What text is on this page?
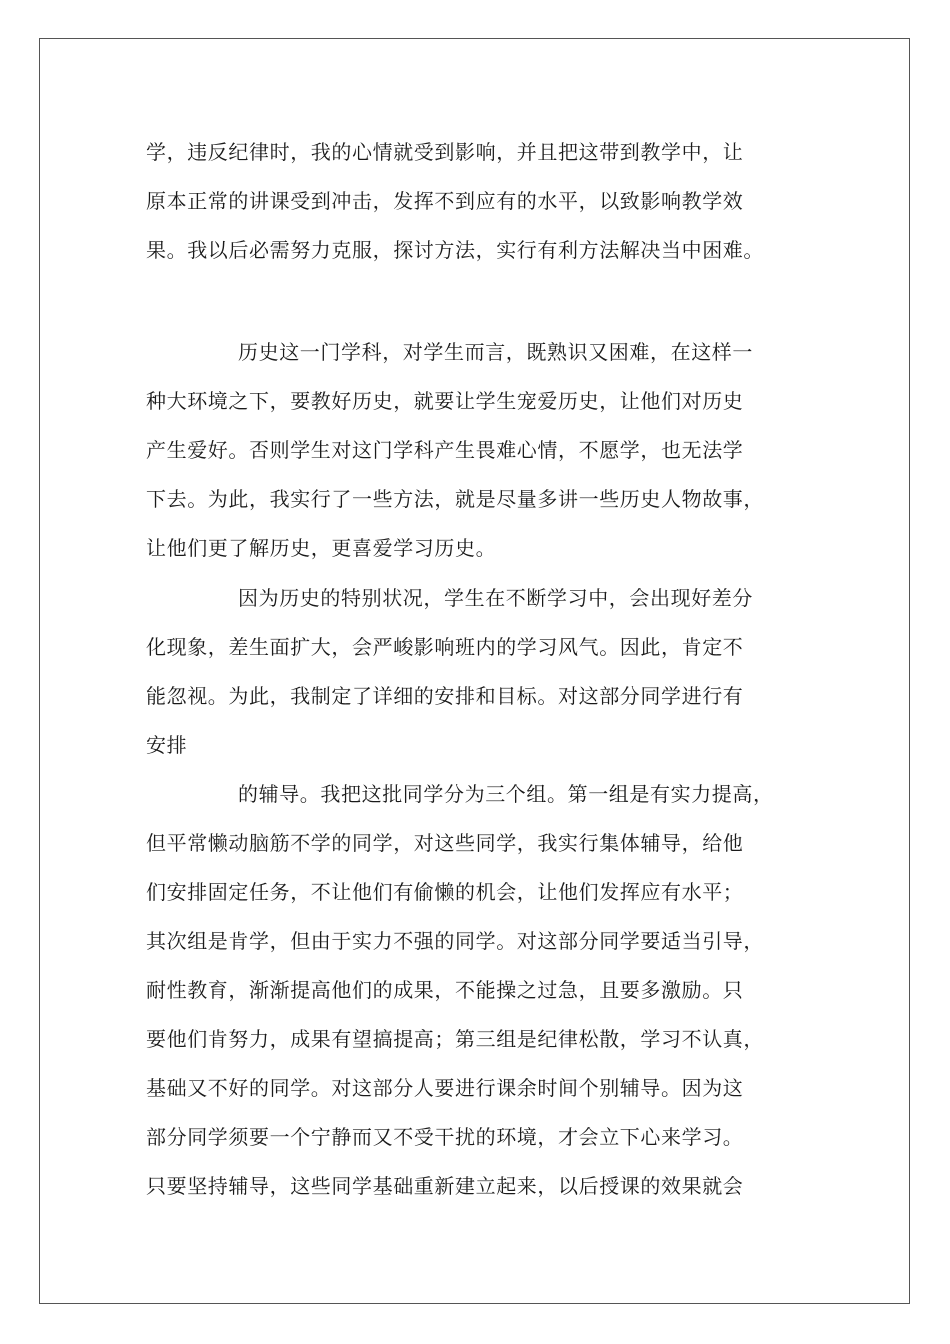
学，违反纪律时，我的心情就受到影响，并且把这带到教学中，让
原本正常的讲课受到冲击，发挥不到应有的水平，以致影响教学效
果。我以后必需努力克服，探讨方法，实行有利方法解决当中困难。

历史这一门学科，对学生而言，既熟识又困难，在这样一
种大环境之下，要教好历史，就要让学生宠爱历史，让他们对历史
产生爱好。否则学生对这门学科产生畏难心情，不愿学，也无法学
下去。为此，我实行了一些方法，就是尽量多讲一些历史人物故事，
让他们更了解历史，更喜爱学习历史。

因为历史的特别状况，学生在不断学习中，会出现好差分
化现象，差生面扩大，会严峻影响班内的学习风气。因此，肯定不
能忽视。为此，我制定了详细的安排和目标。对这部分同学进行有
安排

的辅导。我把这批同学分为三个组。第一组是有实力提高，
但平常懒动脑筋不学的同学，对这些同学，我实行集体辅导，给他
们安排固定任务，不让他们有偷懒的机会，让他们发挥应有水平；
其次组是肯学，但由于实力不强的同学。对这部分同学要适当引导，
耐性教育，渐渐提高他们的成果，不能操之过急，且要多激励。只
要他们肯努力，成果有望搞提高；第三组是纪律松散，学习不认真，
基础又不好的同学。对这部分人要进行课余时间个别辅导。因为这
部分同学须要一个宁静而又不受干扰的环境，才会立下心来学习。
只要坚持辅导，这些同学基础重新建立起来，以后授课的效果就会
